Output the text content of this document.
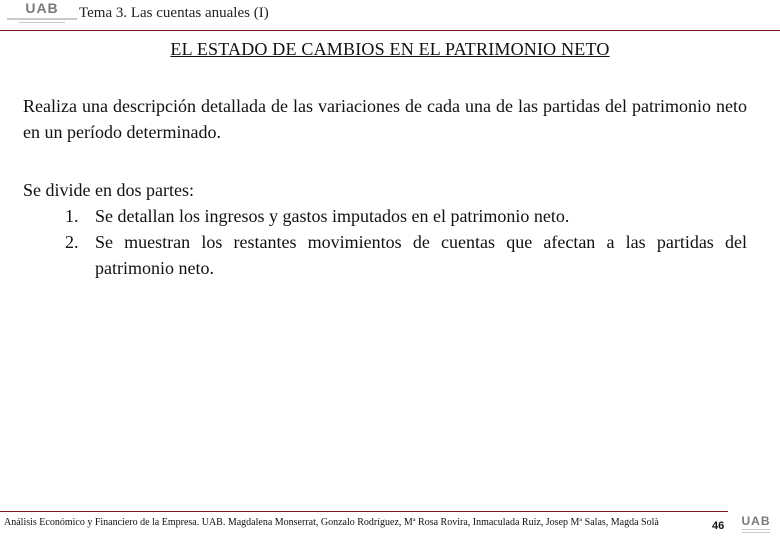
UAB Tema 3. Las cuentas anuales (I)
EL ESTADO DE CAMBIOS EN EL PATRIMONIO NETO
Realiza una descripción detallada de las variaciones de cada una de las partidas del patrimonio neto en un período determinado.
Se divide en dos partes:
1. Se detallan los ingresos y gastos imputados en el patrimonio neto.
2. Se muestran los restantes movimientos de cuentas que afectan a las partidas del patrimonio neto.
Análisis Económico y Financiero de la Empresa. UAB. Magdalena Monserrat, Gonzalo Rodríguez, Mª Rosa Rovira, Inmaculada Ruiz, Josep Mª Salas, Magda Solà	46 UAB
